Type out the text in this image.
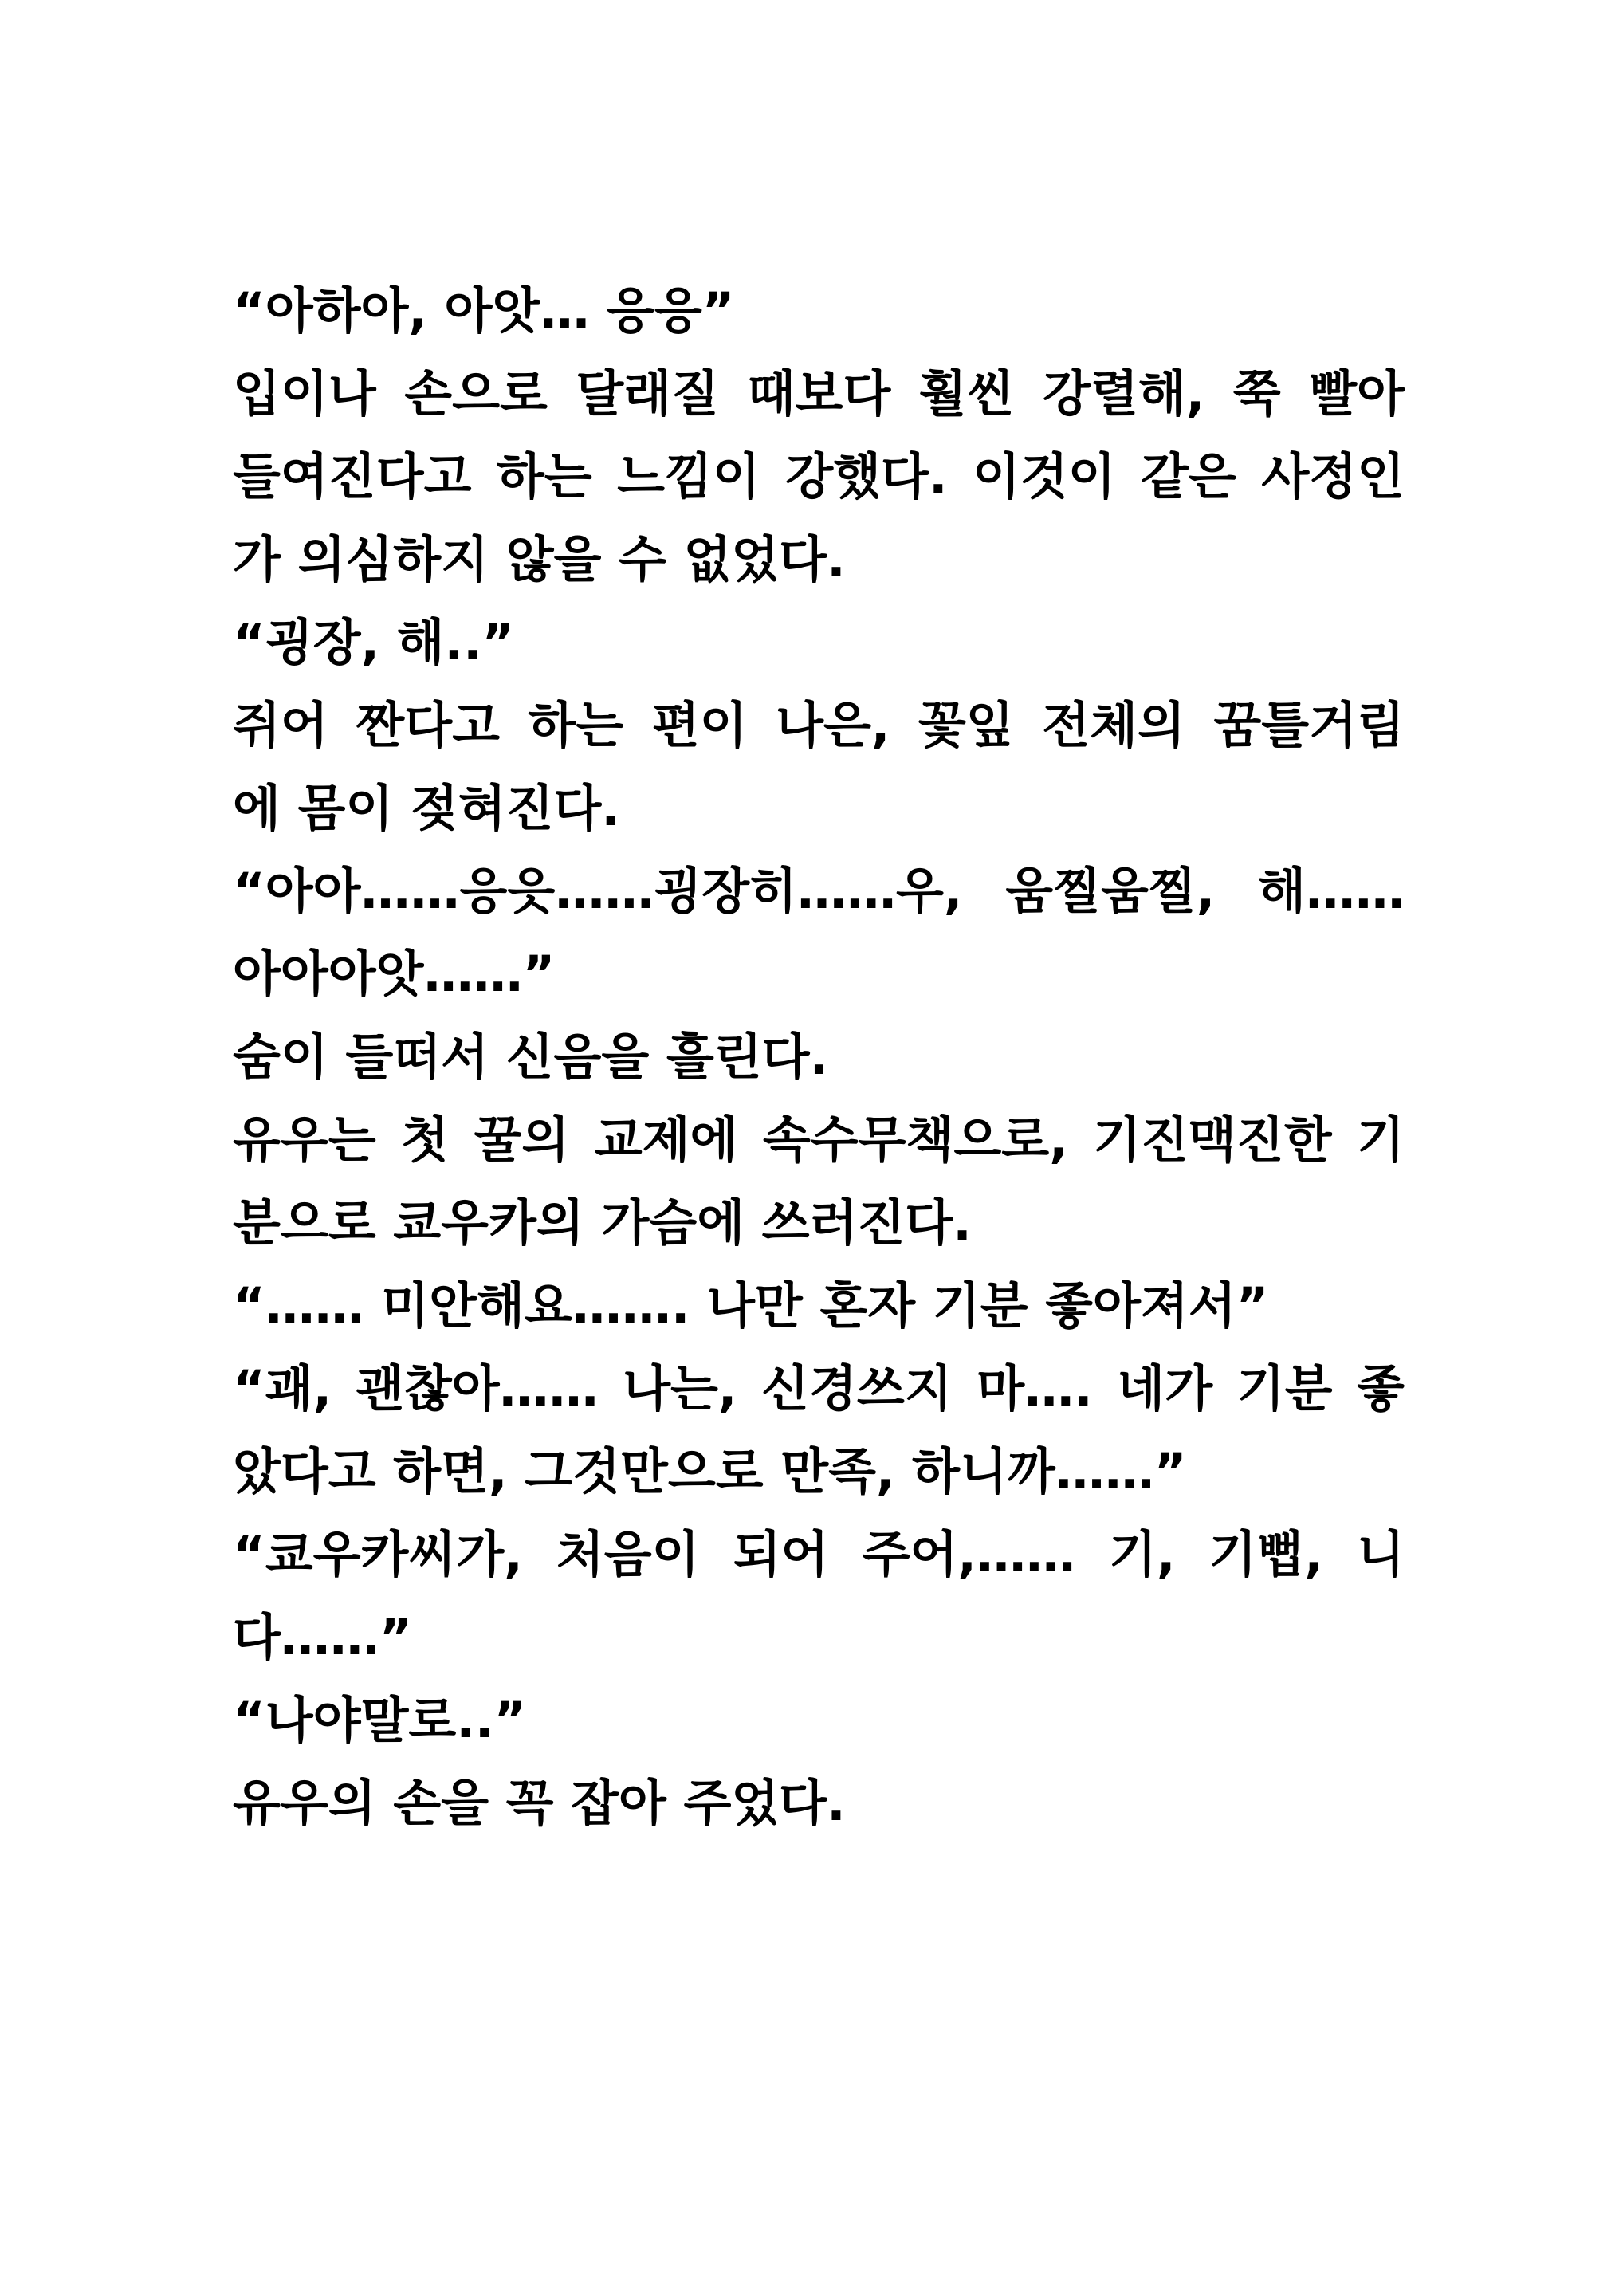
“아하아, 아앗… 응응”
입이나 손으로 달래질 때보다 훨씬 강렬해, 쭉 빨아
들여진다고 하는 느낌이 강했다. 이것이 같은 사정인
가 의심하지 않을 수 없었다.
“굉장, 해..”
쥐어 짠다고 하는 편이 나은, 꽃잎 전체의 꿈틀거림
에 몸이 젖혀진다.
“아아……응읏……굉장히……우, 움찔움찔, 해……
아아아앗……”
숨이 들떠서 신음을 흘린다.
유우는 첫 꿀의 교제에 속수무책으로, 기진맥진한 기
분으로 쿄우카의 가슴에 쓰러진다.
“…… 미안해요……. 나만 혼자 기분 좋아져서”
“괘, 괜찮아…… 나는, 신경쓰지 마…. 네가 기분 좋
았다고 하면, 그것만으로 만족, 하니까……”
“쿄우카씨가, 처음이 되어 주어,…… 기, 기뻡, 니
다……”
“나야말로..”
유우의 손을 꼭 잡아 주었다.
